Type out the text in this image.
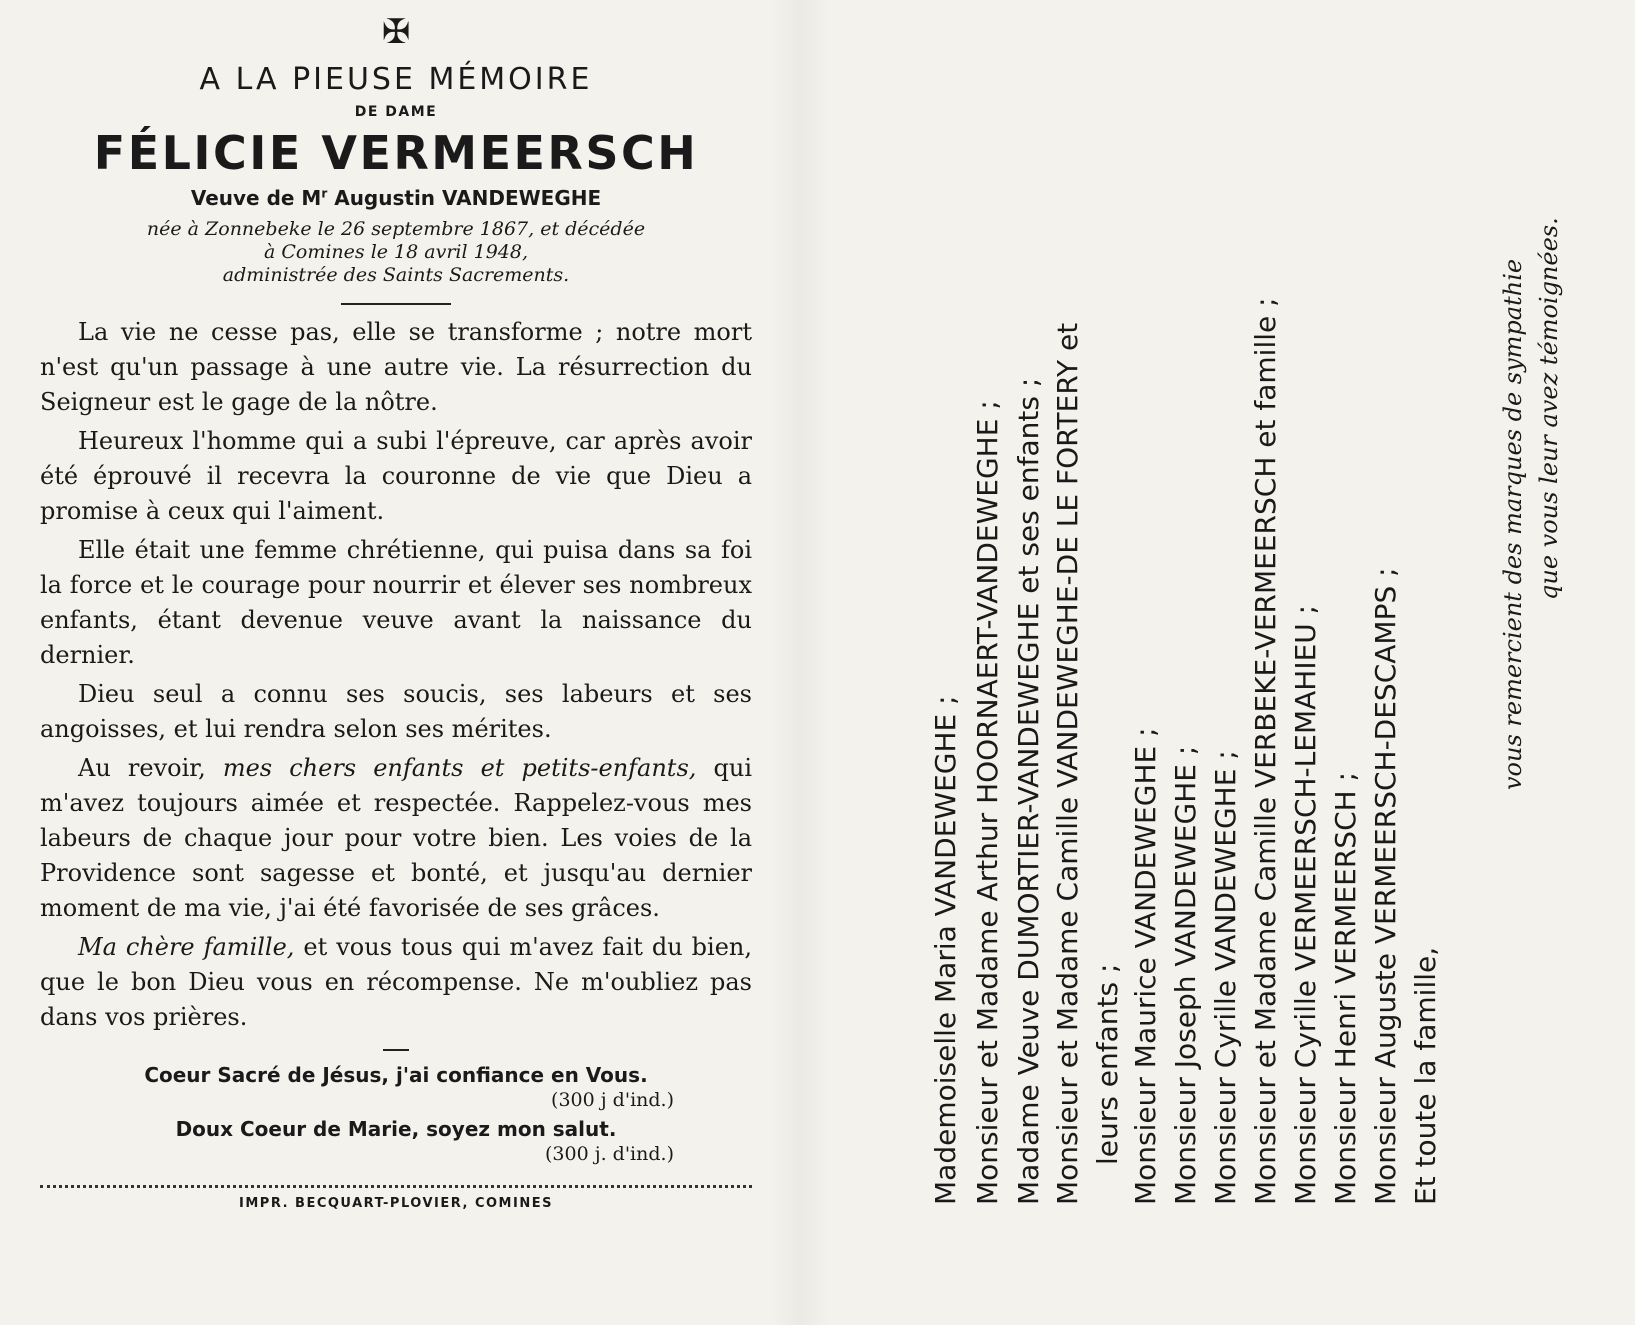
✠
A LA PIEUSE MÉMOIRE
DE DAME
FÉLICIE VERMEERSCH
Veuve de $M^r$ Augustin VANDEWEGHE
née à Zonnebeke le 26 septembre 1867, et décédée
à Comines le 18 avril 1948,
administrée des Saints Sacrements.

La vie ne cesse pas, elle se transforme ; notre mort n'est qu'un passage à une autre vie. La résurrection du Seigneur est le gage de la nôtre.

Heureux l'homme qui a subi l'épreuve, car après avoir été éprouvé il recevra la couronne de vie que Dieu a promise à ceux qui l'aiment.

Elle était une femme chrétienne, qui puisa dans sa foi la force et le courage pour nourrir et élever ses nombreux enfants, étant devenue veuve avant la naissance du dernier.

Dieu seul a connu ses soucis, ses labeurs et ses angoisses, et lui rendra selon ses mérites.

Au revoir, mes chers enfants et petits-enfants, qui m'avez toujours aimée et respectée. Rappelez-vous mes labeurs de chaque jour pour votre bien. Les voies de la Providence sont sagesse et bonté, et jusqu'au dernier moment de ma vie, j'ai été favorisée de ses grâces.

Ma chère famille, et vous tous qui m'avez fait du bien, que le bon Dieu vous en récompense. Ne m'oubliez pas dans vos prières.

Coeur Sacré de Jésus, j'ai confiance en Vous.
(300 j d'ind.)
Doux Coeur de Marie, soyez mon salut.
(300 j. d'ind.)
IMPR. BECQUART-PLOVIER, COMINES	Mademoiselle Maria VANDEWEGHE ; Monsieur et Madame Arthur HOORNAERT-VANDEWEGHE ; Madame Veuve DUMORTIER-VANDEWEGHE et ses enfants ; Monsieur et Madame Camille VANDEWEGHE-DE LE FORTERY et leurs enfants ; Monsieur Maurice VANDEWEGHE ; Monsieur Joseph VANDEWEGHE ; Monsieur Cyrille VANDEWEGHE ; Monsieur et Madame Camille VERBEKE-VERMEERSCH et famille ; Monsieur Cyrille VERMEERSCH-LEMAHIEU ; Monsieur Henri VERMEERSCH ; Monsieur Auguste VERMEERSCH-DESCAMPS ; Et toute la famille,
vous remercient des marques de sympathie que vous leur avez témoignées.
